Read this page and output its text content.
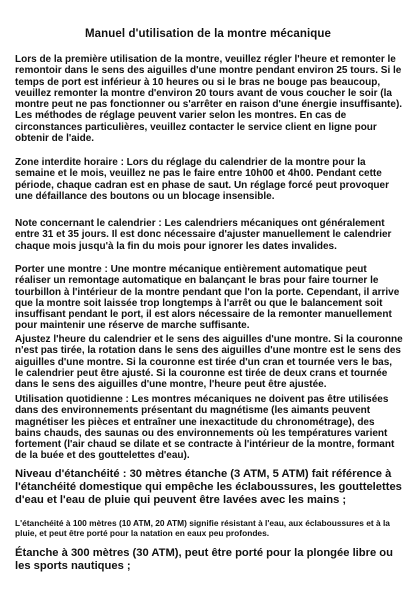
Manuel d'utilisation de la montre mécanique

Lors de la première utilisation de la montre, veuillez régler l'heure et remonter le remontoir dans le sens des aiguilles d'une montre pendant environ 25 tours. Si le temps de port est inférieur à 10 heures ou si le bras ne bouge pas beaucoup, veuillez remonter la montre d'environ 20 tours avant de vous coucher le soir (la montre peut ne pas fonctionner ou s'arrêter en raison d'une énergie insuffisante). Les méthodes de réglage peuvent varier selon les montres. En cas de circonstances particulières, veuillez contacter le service client en ligne pour obtenir de l'aide.

Zone interdite horaire : Lors du réglage du calendrier de la montre pour la semaine et le mois, veuillez ne pas le faire entre 10h00 et 4h00. Pendant cette période, chaque cadran est en phase de saut. Un réglage forcé peut provoquer une défaillance des boutons ou un blocage insensible.

Note concernant le calendrier : Les calendriers mécaniques ont généralement entre 31 et 35 jours. Il est donc nécessaire d'ajuster manuellement le calendrier chaque mois jusqu'à la fin du mois pour ignorer les dates invalides.

Porter une montre : Une montre mécanique entièrement automatique peut réaliser un remontage automatique en balançant le bras pour faire tourner le tourbillon à l'intérieur de la montre pendant que l'on la porte. Cependant, il arrive que la montre soit laissée trop longtemps à l'arrêt ou que le balancement soit insuffisant pendant le port, il est alors nécessaire de la remonter manuellement pour maintenir une réserve de marche suffisante.

Ajustez l'heure du calendrier et le sens des aiguilles d'une montre. Si la couronne n'est pas tirée, la rotation dans le sens des aiguilles d'une montre est le sens des aiguilles d'une montre. Si la couronne est tirée d'un cran et tournée vers le bas, le calendrier peut être ajusté. Si la couronne est tirée de deux crans et tournée dans le sens des aiguilles d'une montre, l'heure peut être ajustée.

Utilisation quotidienne : Les montres mécaniques ne doivent pas être utilisées dans des environnements présentant du magnétisme (les aimants peuvent magnétiser les pièces et entraîner une inexactitude du chronométrage), des bains chauds, des saunas ou des environnements où les températures varient fortement (l'air chaud se dilate et se contracte à l'intérieur de la montre, formant de la buée et des gouttelettes d'eau).

Niveau d'étanchéité : 30 mètres étanche (3 ATM, 5 ATM) fait référence à l'étanchéité domestique qui empêche les éclaboussures, les gouttelettes d'eau et l'eau de pluie qui peuvent être lavées avec les mains ;

L'étanchéité à 100 mètres (10 ATM, 20 ATM) signifie résistant à l'eau, aux éclaboussures et à la pluie, et peut être porté pour la natation en eaux peu profondes.

Étanche à 300 mètres (30 ATM), peut être porté pour la plongée libre ou les sports nautiques ;
